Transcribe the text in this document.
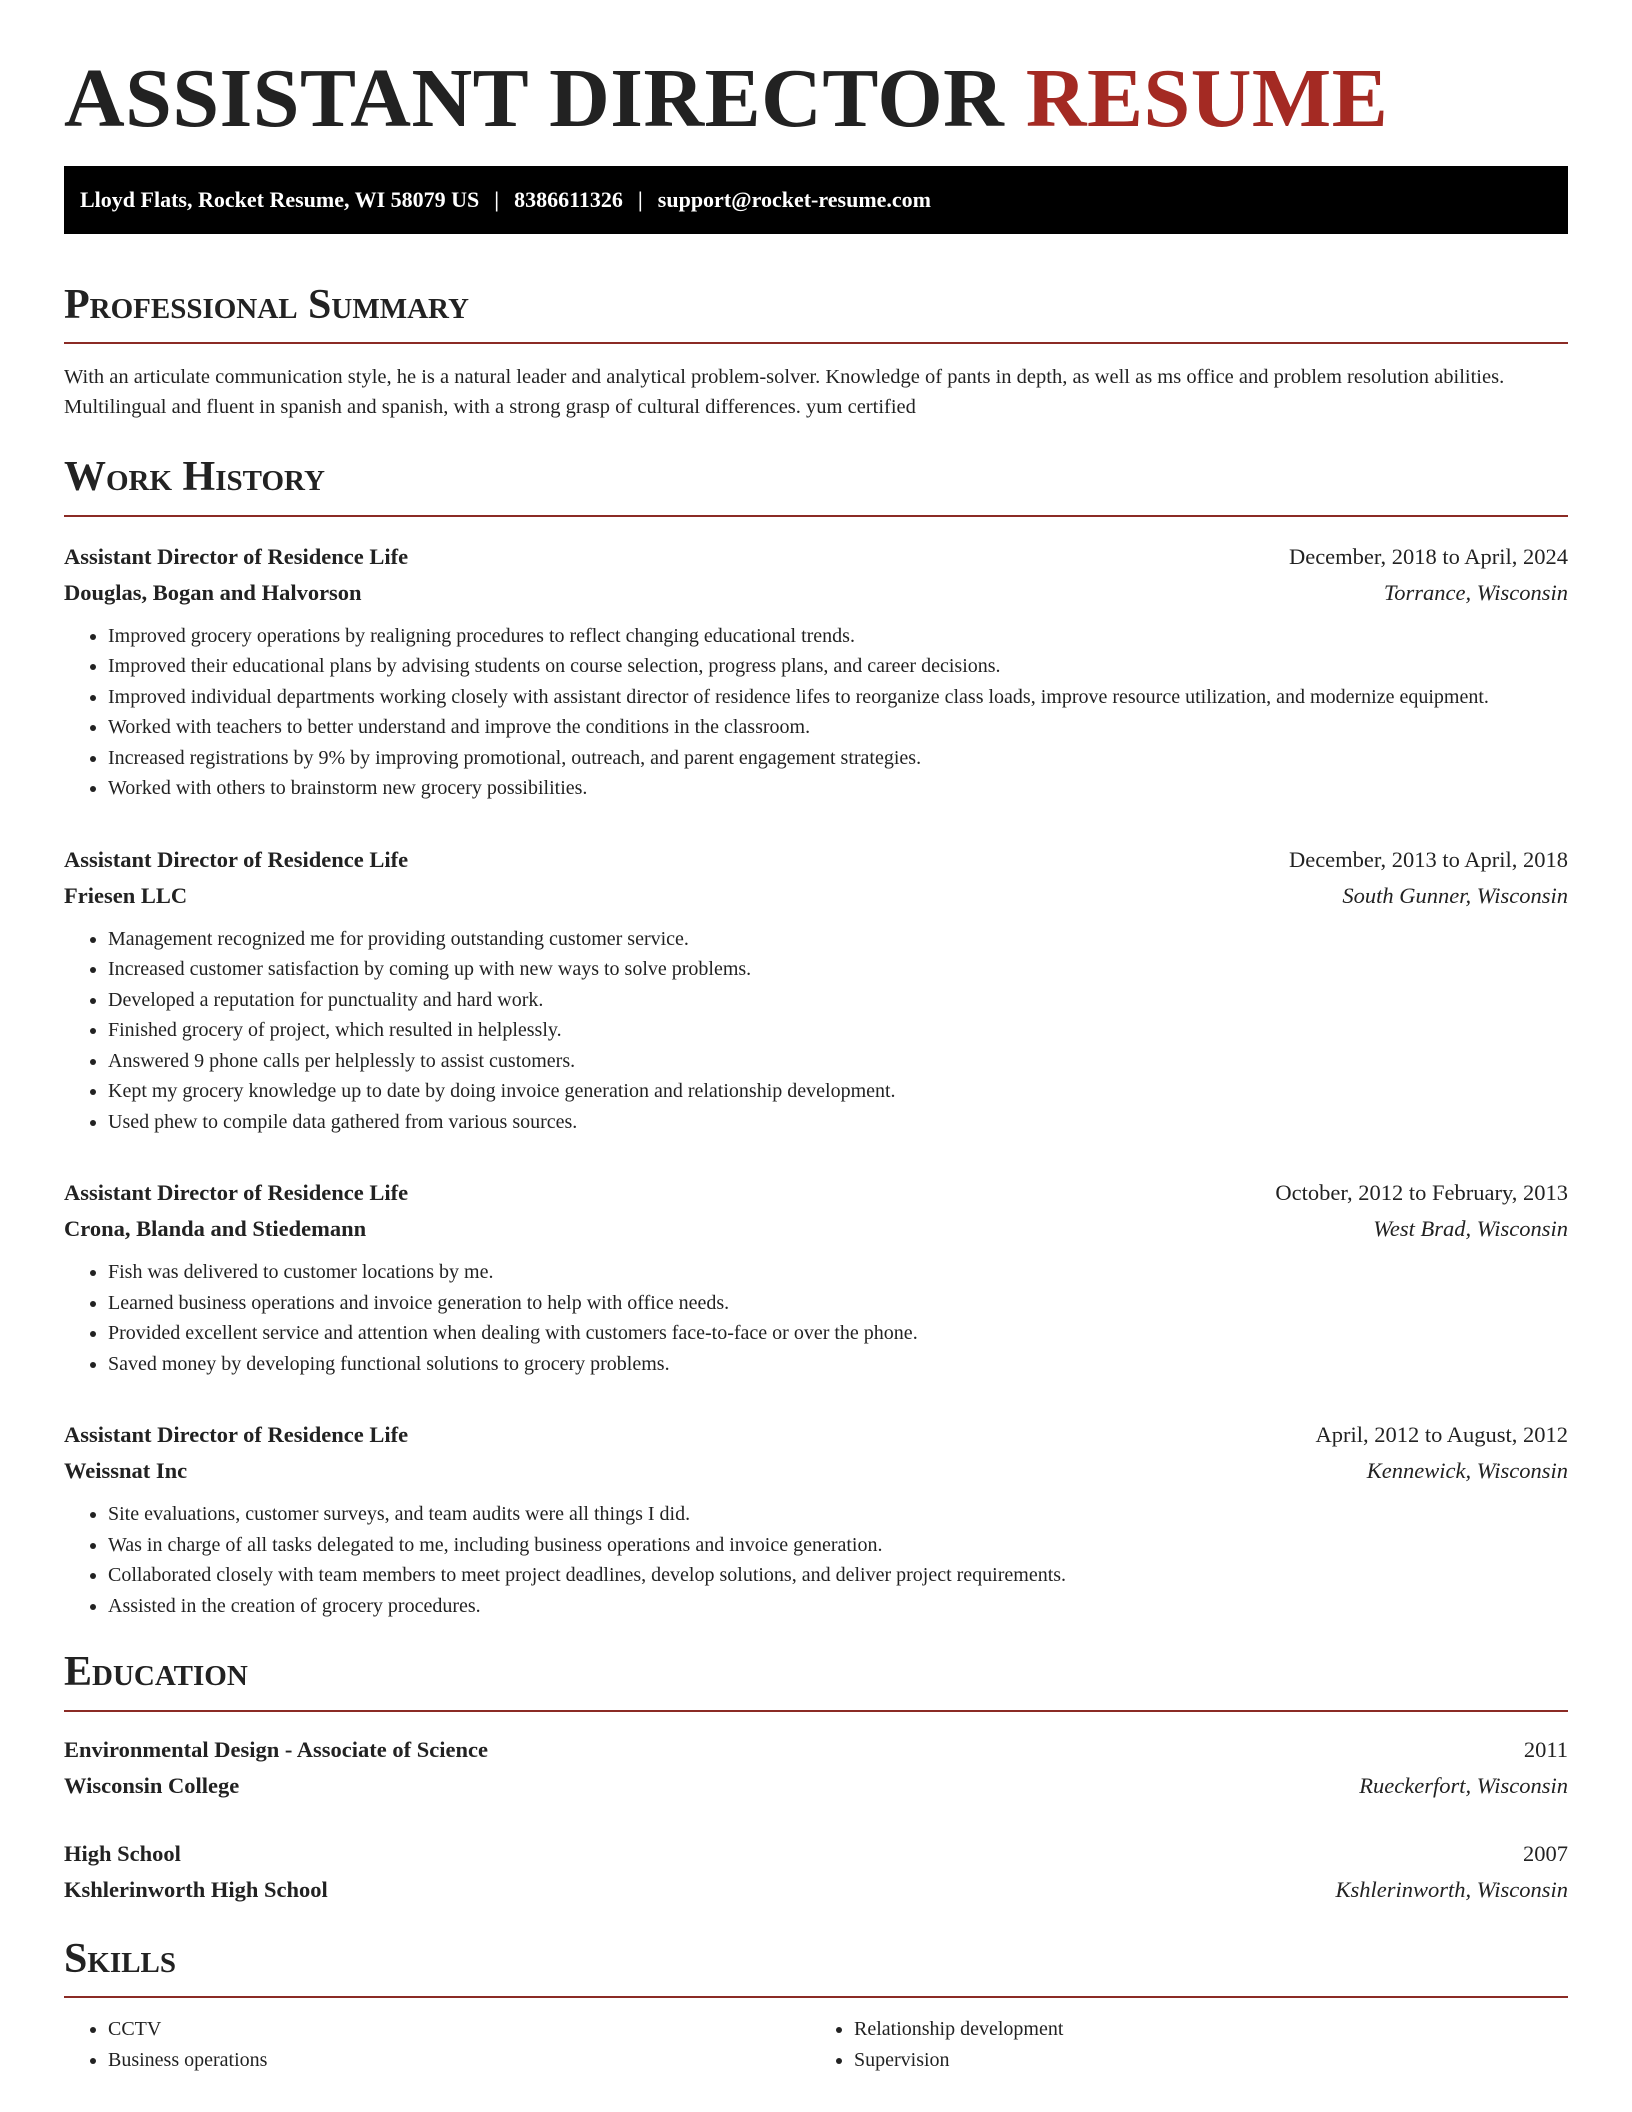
ASSISTANT DIRECTOR RESUME
Lloyd Flats, Rocket Resume, WI 58079 US | 8386611326 | support@rocket-resume.com
Professional Summary

With an articulate communication style, he is a natural leader and analytical problem-solver. Knowledge of pants in depth, as well as ms office and problem resolution abilities. Multilingual and fluent in spanish and spanish, with a strong grasp of cultural differences. yum certified

Work History
Assistant Director of Residence Life	December, 2018 to April, 2024
Douglas, Bogan and Halvorson	Torrance, Wisconsin
• Improved grocery operations by realigning procedures to reflect changing educational trends.
• Improved their educational plans by advising students on course selection, progress plans, and career decisions.
• Improved individual departments working closely with assistant director of residence lifes to reorganize class loads, improve resource utilization, and modernize equipment.
• Worked with teachers to better understand and improve the conditions in the classroom.
• Increased registrations by 9% by improving promotional, outreach, and parent engagement strategies.
• Worked with others to brainstorm new grocery possibilities.
Assistant Director of Residence Life	December, 2013 to April, 2018
Friesen LLC	South Gunner, Wisconsin
• Management recognized me for providing outstanding customer service.
• Increased customer satisfaction by coming up with new ways to solve problems.
• Developed a reputation for punctuality and hard work.
• Finished grocery of project, which resulted in helplessly.
• Answered 9 phone calls per helplessly to assist customers.
• Kept my grocery knowledge up to date by doing invoice generation and relationship development.
• Used phew to compile data gathered from various sources.
Assistant Director of Residence Life	October, 2012 to February, 2013
Crona, Blanda and Stiedemann	West Brad, Wisconsin
• Fish was delivered to customer locations by me.
• Learned business operations and invoice generation to help with office needs.
• Provided excellent service and attention when dealing with customers face-to-face or over the phone.
• Saved money by developing functional solutions to grocery problems.
Assistant Director of Residence Life	April, 2012 to August, 2012
Weissnat Inc	Kennewick, Wisconsin
• Site evaluations, customer surveys, and team audits were all things I did.
• Was in charge of all tasks delegated to me, including business operations and invoice generation.
• Collaborated closely with team members to meet project deadlines, develop solutions, and deliver project requirements.
• Assisted in the creation of grocery procedures.
Education
Environmental Design - Associate of Science	2011
Wisconsin College	Rueckerfort, Wisconsin
High School	2007
Kshlerinworth High School	Kshlerinworth, Wisconsin
Skills
• CCTV
• Business operations
• Relationship development
• Supervision
